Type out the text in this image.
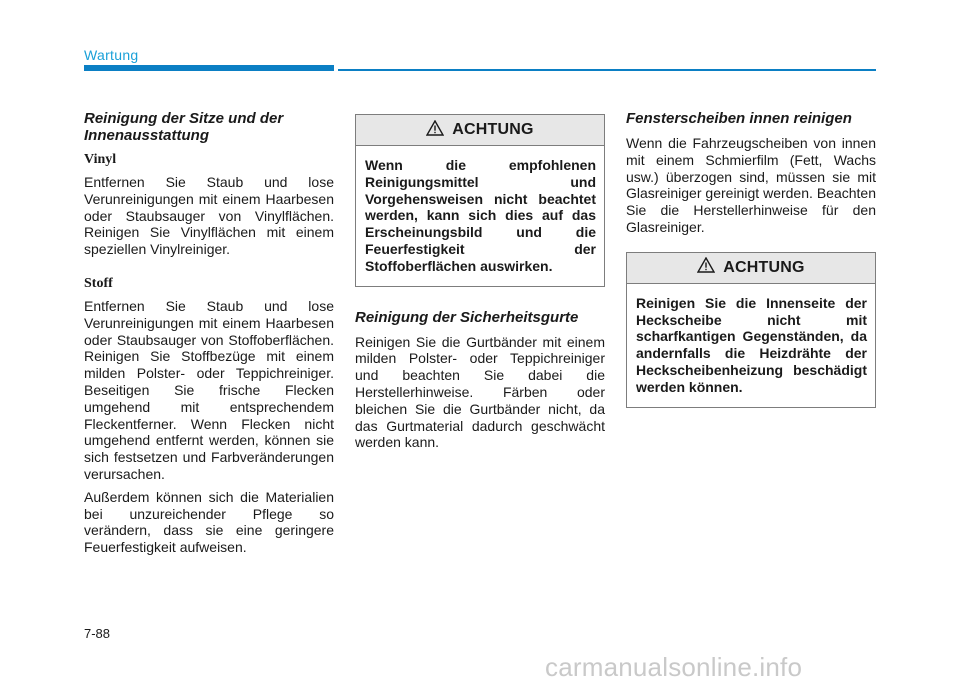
Wartung
Reinigung der Sitze und der Innenausstattung
Vinyl

Entfernen Sie Staub und lose Verunreinigungen mit einem Haarbesen oder Staubsauger von Vinylflächen. Reinigen Sie Vinylflächen mit einem speziellen Vinylreiniger.

Stoff

Entfernen Sie Staub und lose Verunreinigungen mit einem Haarbesen oder Staubsauger von Stoffoberflächen. Reinigen Sie Stoffbezüge mit einem milden Polster- oder Teppichreiniger. Beseitigen Sie frische Flecken umgehend mit entsprechendem Fleckentferner. Wenn Flecken nicht umgehend entfernt werden, können sie sich festsetzen und Farbveränderungen verursachen.

Außerdem können sich die Materialien bei unzureichender Pflege so verändern, dass sie eine geringere Feuerfestigkeit aufweisen.

ACHTUNG
Wenn die empfohlenen Reinigungsmittel und Vorgehensweisen nicht beachtet werden, kann sich dies auf das Erscheinungsbild und die Feuerfestigkeit der Stoffoberflächen auswirken.
Reinigung der Sicherheitsgurte

Reinigen Sie die Gurtbänder mit einem milden Polster- oder Teppichreiniger und beachten Sie dabei die Herstellerhinweise. Färben oder bleichen Sie die Gurtbänder nicht, da das Gurtmaterial dadurch geschwächt werden kann.

Fensterscheiben innen reinigen

Wenn die Fahrzeugscheiben von innen mit einem Schmierfilm (Fett, Wachs usw.) überzogen sind, müssen sie mit Glasreiniger gereinigt werden. Beachten Sie die Herstellerhinweise für den Glasreiniger.

ACHTUNG
Reinigen Sie die Innenseite der Heckscheibe nicht mit scharfkantigen Gegenständen, da andernfalls die Heizdrähte der Heckscheibenheizung beschädigt werden können.
7-88
carmanualsonline.info
